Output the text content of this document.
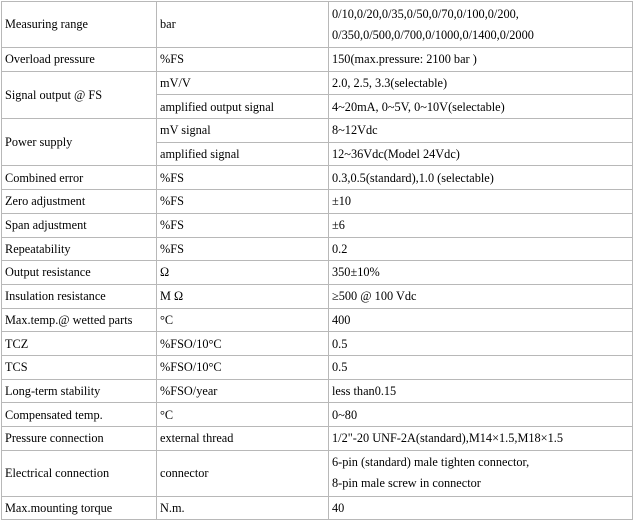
Measuring range	bar	0/10,0/20,0/35,0/50,0/70,0/100,0/200,
0/350,0/500,0/700,0/1000,0/1400,0/2000

Overload pressure	%FS	150(max.pressure: 2100 bar )
Signal output @ FS	mV/V	2.0, 2.5, 3.3(selectable)
	amplified output signal	4~20mA, 0~5V, 0~10V(selectable)
Power supply	mV signal	8~12Vdc
	amplified signal	12~36Vdc(Model 24Vdc)
Combined error	%FS	0.3,0.5(standard),1.0 (selectable)
Zero adjustment	%FS	±10
Span adjustment	%FS	±6
Repeatability	%FS	0.2
Output resistance	Ω	350±10%
Insulation resistance	M Ω	≥500 @ 100 Vdc
Max.temp.@ wetted parts	°C	400
TCZ	%FSO/10°C	0.5
TCS	%FSO/10°C	0.5
Long-term stability	%FSO/year	less than0.15
Compensated temp.	°C	0~80
Pressure connection	external thread	1/2"-20 UNF-2A(standard),M14×1.5,M18×1.5
Electrical connection	connector	6-pin (standard) male tighten connector,
8-pin male screw in connector

Max.mounting torque	N.m.	40
